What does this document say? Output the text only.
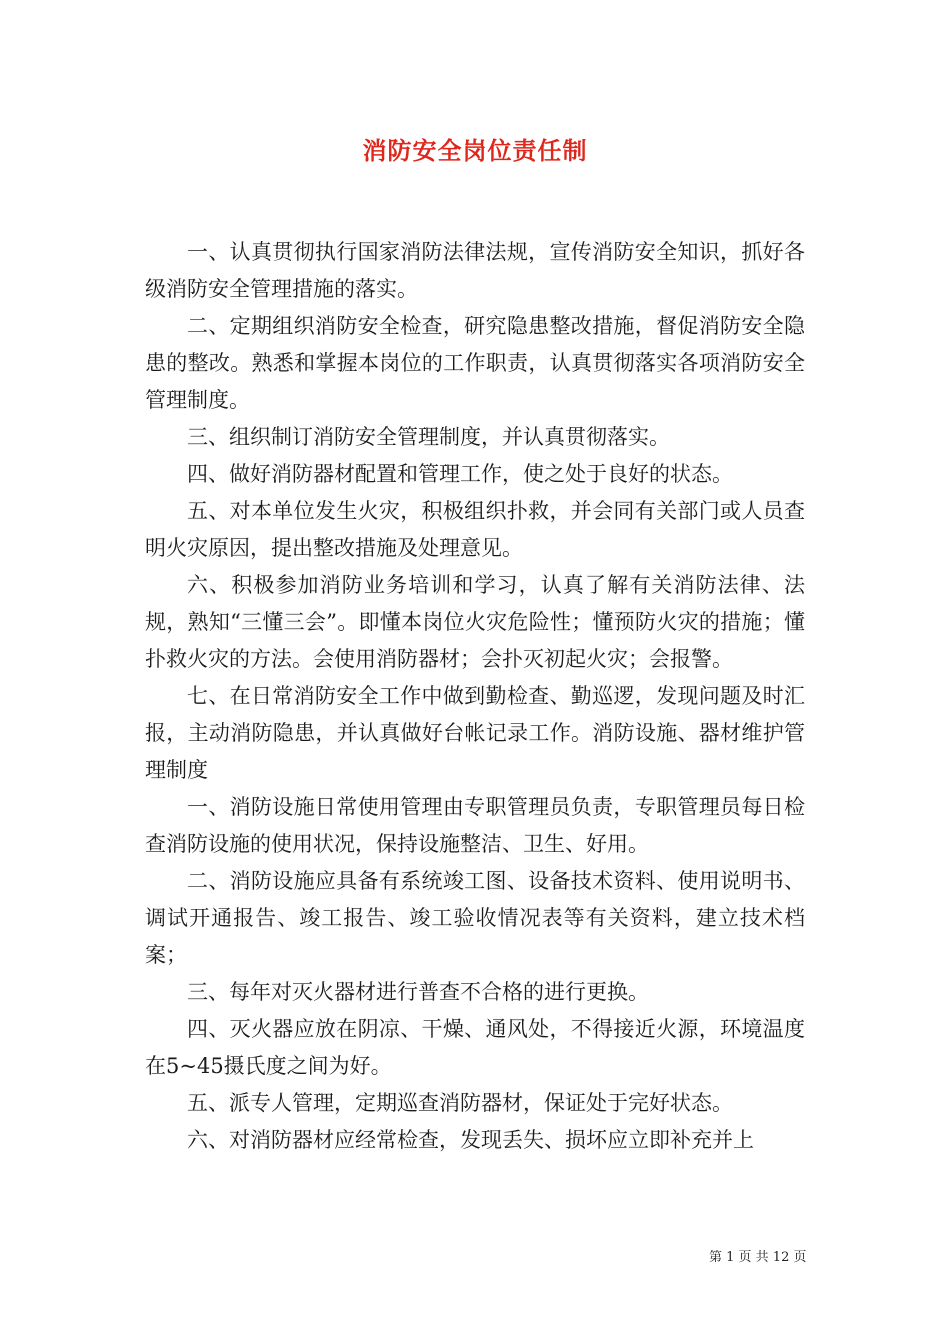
消防安全岗位责任制

一、认真贯彻执行国家消防法律法规，宣传消防安全知识，抓好各级消防安全管理措施的落实。

二、定期组织消防安全检查，研究隐患整改措施，督促消防安全隐患的整改。熟悉和掌握本岗位的工作职责，认真贯彻落实各项消防安全管理制度。

三、组织制订消防安全管理制度，并认真贯彻落实。

四、做好消防器材配置和管理工作，使之处于良好的状态。

五、对本单位发生火灾，积极组织扑救，并会同有关部门或人员查明火灾原因，提出整改措施及处理意见。

六、积极参加消防业务培训和学习，认真了解有关消防法律、法规，熟知“三懂三会”。即懂本岗位火灾危险性；懂预防火灾的措施；懂扑救火灾的方法。会使用消防器材；会扑灭初起火灾；会报警。

七、在日常消防安全工作中做到勤检查、勤巡逻，发现问题及时汇报，主动消防隐患，并认真做好台帐记录工作。消防设施、器材维护管理制度

一、消防设施日常使用管理由专职管理员负责，专职管理员每日检查消防设施的使用状况，保持设施整洁、卫生、好用。

二、消防设施应具备有系统竣工图、设备技术资料、使用说明书、调试开通报告、竣工报告、竣工验收情况表等有关资料，建立技术档案；

三、每年对灭火器材进行普查不合格的进行更换。

四、灭火器应放在阴凉、干燥、通风处，不得接近火源，环境温度在5~45摄氏度之间为好。

五、派专人管理，定期巡查消防器材，保证处于完好状态。

六、对消防器材应经常检查，发现丢失、损坏应立即补充并上

第 1 页 共 12 页
